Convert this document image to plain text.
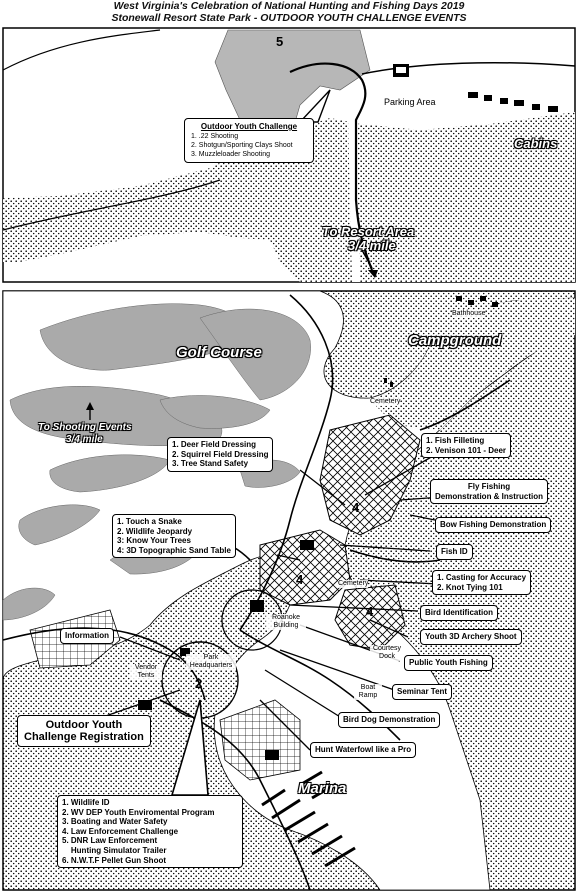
West Virginia's Celebration of National Hunting and Fishing Days 2019
Stonewall Resort State Park - OUTDOOR YOUTH CHALLENGE EVENTS
5
Parking Area
Cabins
To Resort Area
3/4 mile
Outdoor Youth Challenge
1. .22 Shooting
2. Shotgun/Sporting Clays Shoot
3. Muzzleloader Shooting
Golf Course
Campground
Bathhouse
Cemetery
To Shooting Events
3/4 mile
Cemetery
Roanoke Building
Park Headquarters
Vendor Tents
Courtesy Dock
Boat Ramp
Marina
2
4
4
4
1. Deer Field Dressing
2. Squirrel Field Dressing
3. Tree Stand Safety
1. Fish Filleting
2. Venison 101 - Deer
Fly Fishing
Demonstration & Instruction
Bow Fishing Demonstration
1. Touch a Snake
2. Wildlife Jeopardy
3: Know Your Trees
4: 3D Topographic Sand Table	Fish ID
1. Casting for Accuracy
2. Knot Tying 101
Bird Identification
Youth 3D Archery Shoot
Information
Public Youth Fishing
Seminar Tent
Bird Dog Demonstration
Hunt Waterfowl like a Pro
Outdoor Youth
Challenge Registration
1. Wildlife ID
2. WV DEP Youth Enviromental Program
3. Boating and Water Safety
4. Law Enforcement Challenge
5. DNR Law Enforcement
Hunting Simulator Trailer
6. N.W.T.F Pellet Gun Shoot
